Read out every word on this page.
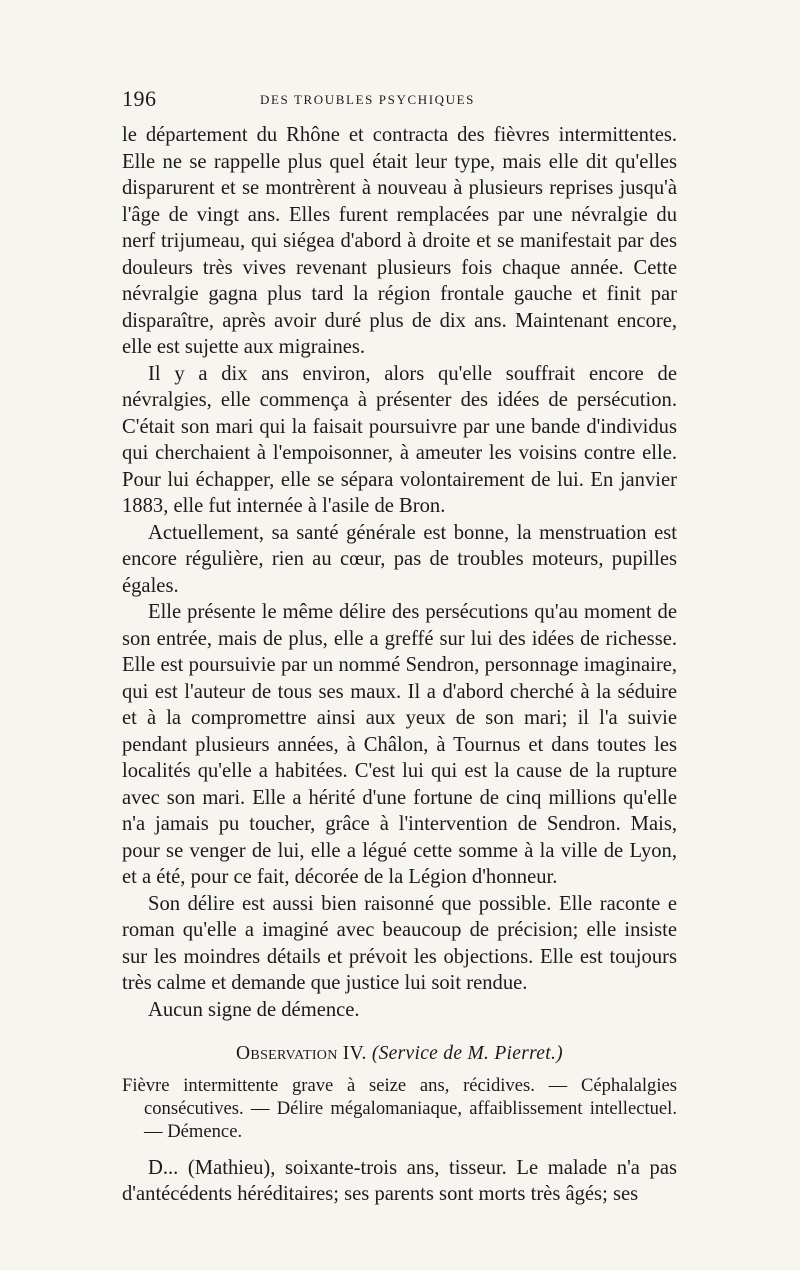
196	DES TROUBLES PSYCHIQUES

le département du Rhône et contracta des fièvres intermittentes. Elle ne se rappelle plus quel était leur type, mais elle dit qu'elles disparurent et se montrèrent à nouveau à plusieurs reprises jusqu'à l'âge de vingt ans. Elles furent remplacées par une névralgie du nerf trijumeau, qui siégea d'abord à droite et se manifestait par des douleurs très vives revenant plusieurs fois chaque année. Cette névralgie gagna plus tard la région frontale gauche et finit par disparaître, après avoir duré plus de dix ans. Maintenant encore, elle est sujette aux migraines.

Il y a dix ans environ, alors qu'elle souffrait encore de névralgies, elle commença à présenter des idées de persécution. C'était son mari qui la faisait poursuivre par une bande d'individus qui cherchaient à l'empoisonner, à ameuter les voisins contre elle. Pour lui échapper, elle se sépara volontairement de lui. En janvier 1883, elle fut internée à l'asile de Bron.

Actuellement, sa santé générale est bonne, la menstruation est encore régulière, rien au cœur, pas de troubles moteurs, pupilles égales.

Elle présente le même délire des persécutions qu'au moment de son entrée, mais de plus, elle a greffé sur lui des idées de richesse. Elle est poursuivie par un nommé Sendron, personnage imaginaire, qui est l'auteur de tous ses maux. Il a d'abord cherché à la séduire et à la compromettre ainsi aux yeux de son mari; il l'a suivie pendant plusieurs années, à Châlon, à Tournus et dans toutes les localités qu'elle a habitées. C'est lui qui est la cause de la rupture avec son mari. Elle a hérité d'une fortune de cinq millions qu'elle n'a jamais pu toucher, grâce à l'intervention de Sendron. Mais, pour se venger de lui, elle a légué cette somme à la ville de Lyon, et a été, pour ce fait, décorée de la Légion d'honneur.

Son délire est aussi bien raisonné que possible. Elle raconte e roman qu'elle a imaginé avec beaucoup de précision; elle insiste sur les moindres détails et prévoit les objections. Elle est toujours très calme et demande que justice lui soit rendue.

Aucun signe de démence.

Observation IV. (Service de M. Pierret.)

Fièvre intermittente grave à seize ans, récidives. — Céphalalgies consécutives. — Délire mégalomaniaque, affaiblissement intellectuel. — Démence.

D... (Mathieu), soixante-trois ans, tisseur. Le malade n'a pas d'antécédents héréditaires; ses parents sont morts très âgés; ses
